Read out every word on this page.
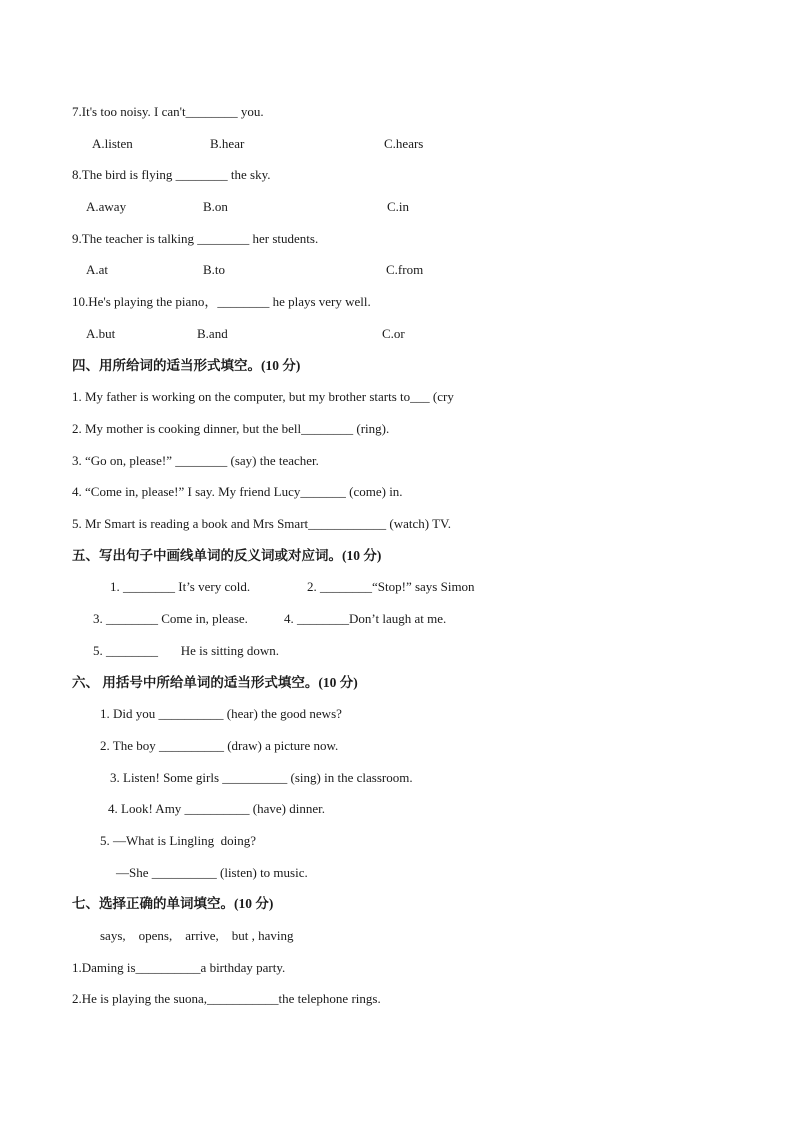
7.It's too noisy. I can't________ you.
A.listen	B.hear	C.hears
8.The bird is flying ________ the sky.
A.away	B.on	C.in
9.The teacher is talking ________ her students.
A.at	B.to	C.from
10.He's playing the piano，________ he plays very well.
A.but	B.and	C.or
四、用所给词的适当形式填空。(10 分)
1. My father is working on the computer, but my brother starts to___ (cry
2. My mother is cooking dinner, but the bell________ (ring).
3. “Go on, please!” ________ (say) the teacher.
4. “Come in, please!” I say. My friend Lucy_______ (come) in.
5. Mr Smart is reading a book and Mrs Smart____________ (watch) TV.
五、写出句子中画线单词的反义词或对应词。(10 分)
1. ________ It’s very cold.	2. ________“Stop!” says Simon
3. ________ Come in, please.	4. ________Don’t laugh at me.
5. ________       He is sitting down.
六、 用括号中所给单词的适当形式填空。(10 分)
1. Did you __________ (hear) the good news?
2. The boy __________ (draw) a picture now.
3. Listen! Some girls __________ (sing) in the classroom.
4. Look! Amy __________ (have) dinner.
5. —What is Lingling  doing?
—She __________ (listen) to music.
七、选择正确的单词填空。(10 分)
says,    opens,    arrive,    but , having
1.Daming is__________a birthday party.
2.He is playing the suona,___________the telephone rings.
